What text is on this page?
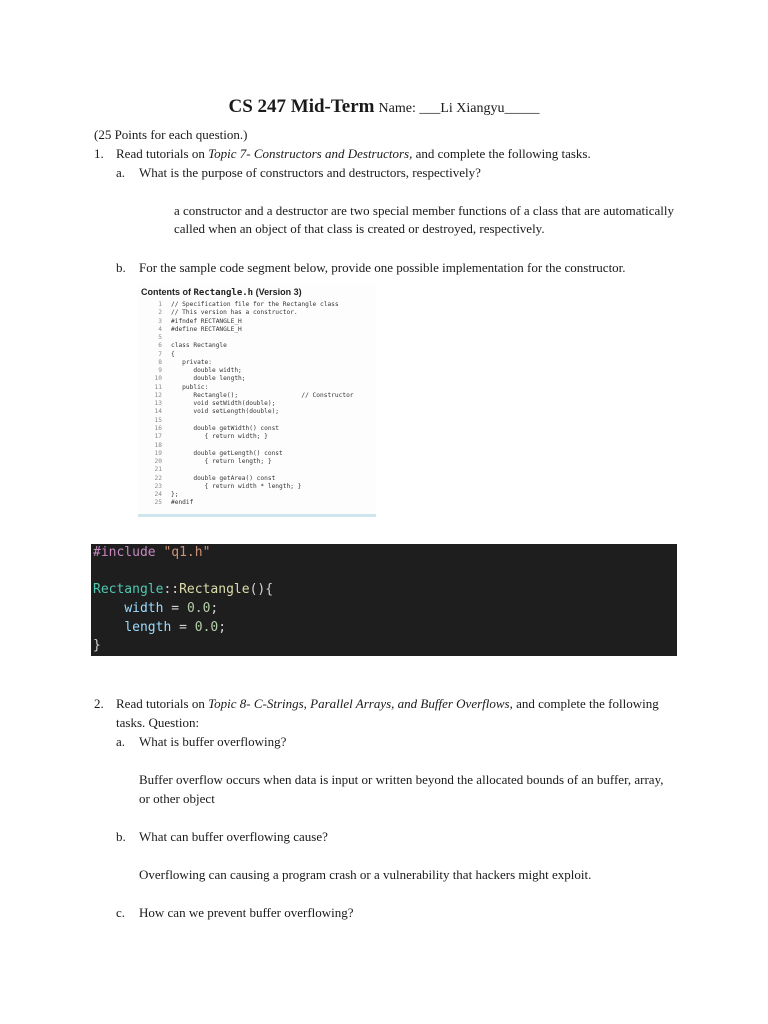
CS 247 Mid-Term Name: ___Li Xiangyu_____
(25 Points for each question.)
1. Read tutorials on Topic 7- Constructors and Destructors, and complete the following tasks.
a. What is the purpose of constructors and destructors, respectively?
a constructor and a destructor are two special member functions of a class that are automatically called when an object of that class is created or destroyed, respectively.
b. For the sample code segment below, provide one possible implementation for the constructor.
Contents of Rectangle.h (Version 3)
1	// Specification file for the Rectangle class
2	// This version has a constructor.
3	#ifndef RECTANGLE_H
4	#define RECTANGLE_H
5
6	class Rectangle
7	{
8	private:
9	double width;
10	double length;
11	public:
12	Rectangle();                 // Constructor
13	void setWidth(double);
14	void setLength(double);
15
16	double getWidth() const
17	{ return width; }
18
19	double getLength() const
20	{ return length; }
21
22	double getArea() const
23	{ return width * length; }
24	};
25	#endif
#include "q1.h"
Rectangle::Rectangle(){
width = 0.0;
length = 0.0;
}
2. Read tutorials on Topic 8- C-Strings, Parallel Arrays, and Buffer Overflows, and complete the following
tasks. Question:
a. What is buffer overflowing?
Buffer overflow occurs when data is input or written beyond the allocated bounds of an buffer, array,
or other object
b. What can buffer overflowing cause?
Overflowing can causing a program crash or a vulnerability that hackers might exploit.
c. How can we prevent buffer overflowing?
